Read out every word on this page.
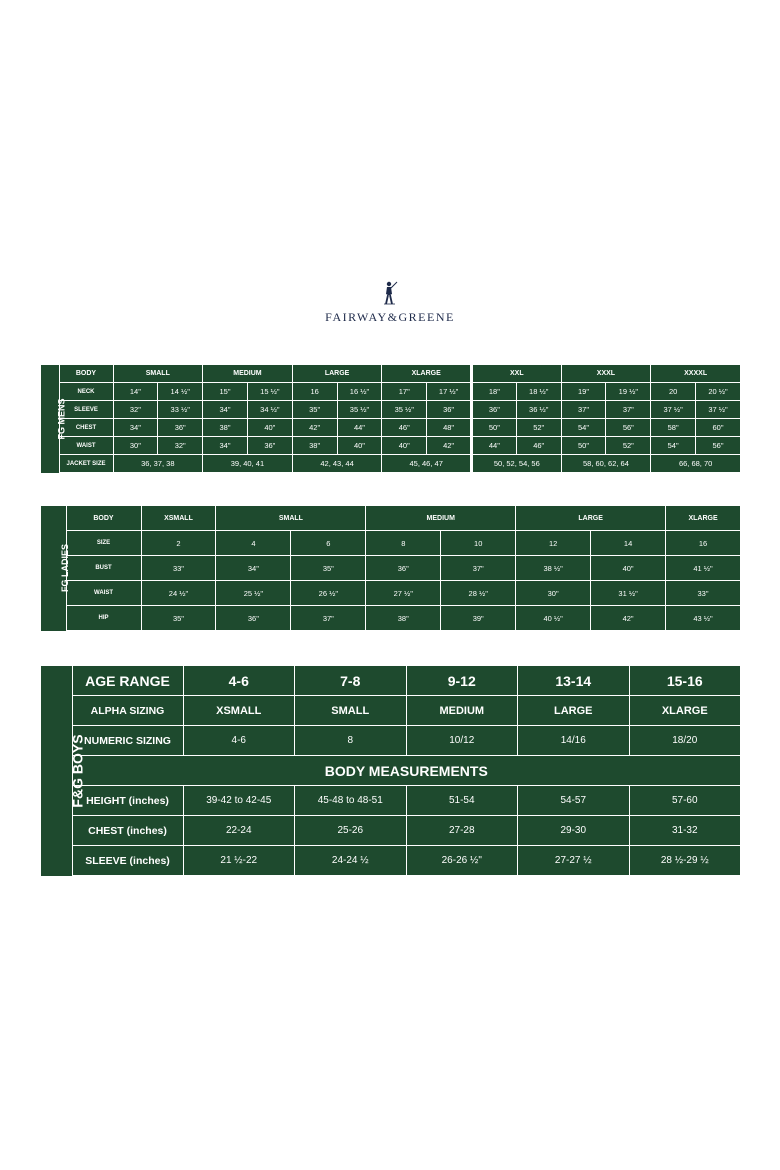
FAIRWAY&GREENE
FG MENS	BODY	SMALL		MEDIUM		LARGE		XLARGE		XXL		XXXL		XXXXL	
	NECK	14"	14 ½"	15"	15 ½"	16	16 ½"	17"	17 ½"	18"	18 ½"	19"	19 ½"	20	20 ½"
	SLEEVE	32"	33 ½"	34"	34 ½"	35"	35 ½"	35 ½"	36"	36"	36 ½"	37"	37"	37 ½"	37 ½"
	CHEST	34"	36"	38"	40"	42"	44"	46"	48"	50"	52"	54"	56"	58"	60"
	WAIST	30"	32"	34"	36"	38"	40"	40"	42"	44"	46"	50"	52"	54"	56"
	JACKET SIZE	36, 37, 38		39, 40, 41		42, 43, 44		45, 46, 47		50, 52, 54, 56		58, 60, 62, 64		66, 68, 70	
FG LADIES	BODY	XSMALL	SMALL		MEDIUM		LARGE		XLARGE
	SIZE	2	4	6	8	10	12	14	16
	BUST	33"	34"	35"	36"	37"	38 ½"	40"	41 ½"
	WAIST	24 ½"	25 ½"	26 ½"	27 ½"	28 ½"	30"	31 ½"	33"
	HIP	35"	36"	37"	38"	39"	40 ½"	42"	43 ½"
F&G BOYS	AGE RANGE	4-6	7-8	9-12	13-14	15-16
	ALPHA SIZING	XSMALL	SMALL	MEDIUM	LARGE	XLARGE
	NUMERIC SIZING	4-6	8	10/12	14/16	18/20
	BODY MEASUREMENTS					
	HEIGHT (inches)	39-42 to 42-45	45-48 to 48-51	51-54	54-57	57-60
	CHEST (inches)	22-24	25-26	27-28	29-30	31-32
	SLEEVE (inches)	21 ½-22	24-24 ½	26-26 ½"	27-27 ½	28 ½-29 ½
